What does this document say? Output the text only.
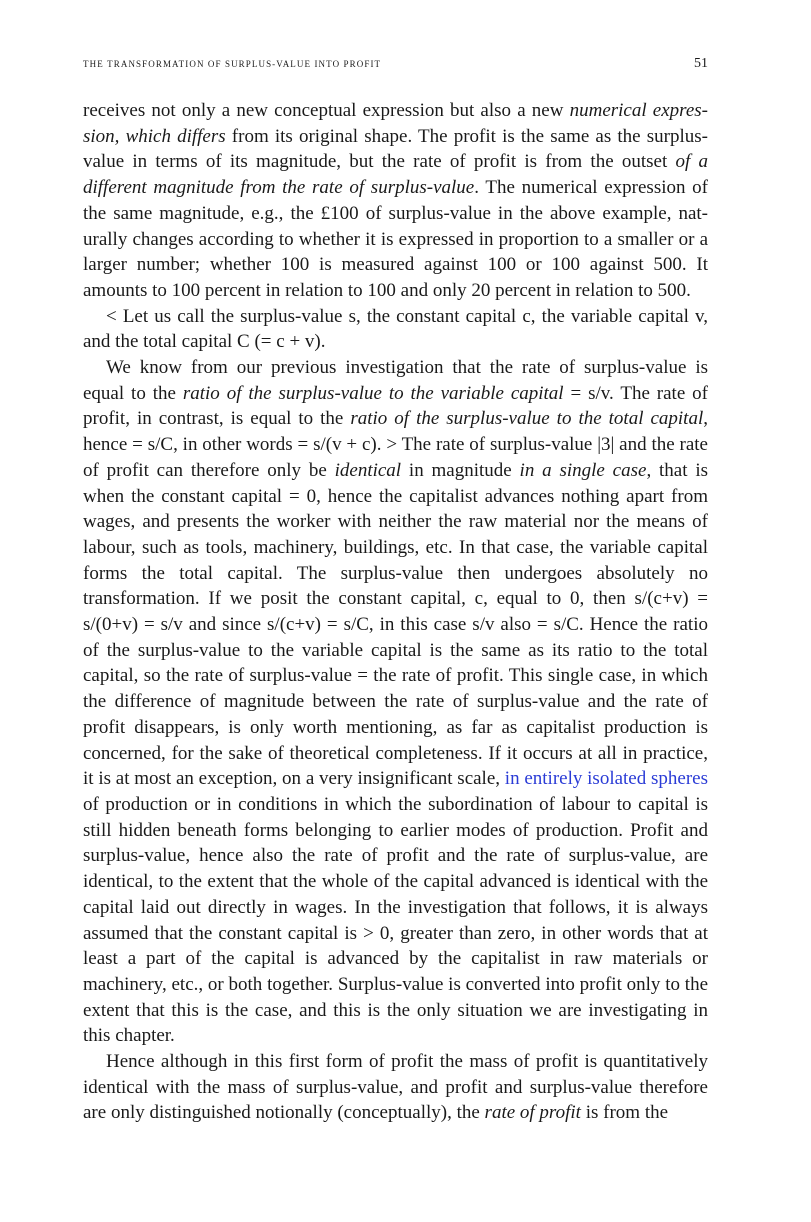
the transformation of surplus-value into profit	51

receives not only a new conceptual expression but also a new numerical expression, which differs from its original shape. The profit is the same as the surplus-value in terms of its magnitude, but the rate of profit is from the outset of a different magnitude from the rate of surplus-value. The numerical expression of the same magnitude, e.g., the £100 of surplus-value in the above example, naturally changes according to whether it is expressed in proportion to a smaller or a larger number; whether 100 is measured against 100 or 100 against 500. It amounts to 100 percent in relation to 100 and only 20 percent in relation to 500.

< Let us call the surplus-value s, the constant capital c, the variable capital v, and the total capital C (= c + v).

We know from our previous investigation that the rate of surplus-value is equal to the ratio of the surplus-value to the variable capital = s/v. The rate of profit, in contrast, is equal to the ratio of the surplus-value to the total capital, hence = s/C, in other words = s/(v + c). > The rate of surplus-value |3| and the rate of profit can therefore only be identical in magnitude in a single case, that is when the constant capital = 0, hence the capitalist advances nothing apart from wages, and presents the worker with neither the raw material nor the means of labour, such as tools, machinery, buildings, etc. In that case, the variable capital forms the total capital. The surplus-value then undergoes absolutely no transformation. If we posit the constant capital, c, equal to 0, then s/(c+v) = s/(0+v) = s/v and since s/(c+v) = s/C, in this case s/v also = s/C. Hence the ratio of the surplus-value to the variable capital is the same as its ratio to the total capital, so the rate of surplus-value = the rate of profit. This single case, in which the difference of magnitude between the rate of surplus-value and the rate of profit disappears, is only worth mentioning, as far as capitalist production is concerned, for the sake of theoretical completeness. If it occurs at all in practice, it is at most an exception, on a very insignificant scale, in entirely isolated spheres of production or in conditions in which the subordination of labour to capital is still hidden beneath forms belonging to earlier modes of production. Profit and surplus-value, hence also the rate of profit and the rate of surplus-value, are identical, to the extent that the whole of the capital advanced is identical with the capital laid out directly in wages. In the investigation that follows, it is always assumed that the constant capital is > 0, greater than zero, in other words that at least a part of the capital is advanced by the capitalist in raw materials or machinery, etc., or both together. Surplus-value is converted into profit only to the extent that this is the case, and this is the only situation we are investigating in this chapter.

Hence although in this first form of profit the mass of profit is quantitatively identical with the mass of surplus-value, and profit and surplus-value therefore are only distinguished notionally (conceptually), the rate of profit is from the
